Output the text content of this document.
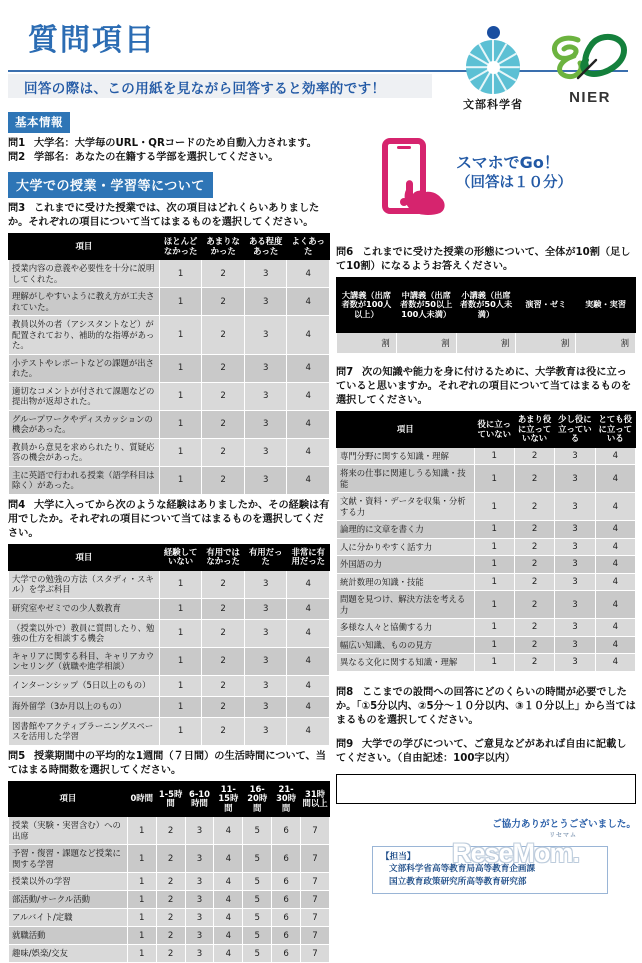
質問項目
回答の際は、この用紙を見ながら回答すると効率的です！
文部科学省	NIER
スマホでGo！
（回答は１０分）
基本情報
問1 大学名：大学毎のURL・QRコードのため自動入力されます。
問2 学部名：あなたの在籍する学部を選択してください。
大学での授業・学習等について
問3 これまでに受けた授業では、次の項目はどれくらいありましたか。それぞれの項目について当てはまるものを選択してください。
項目	ほとんどなかった	あまりなかった	ある程度あった	よくあった
授業内容の意義や必要性を十分に説明してくれた。	1	2	3	4
理解がしやすいように教え方が工夫されていた。	1	2	3	4
教員以外の者（アシスタントなど）が配置されており、補助的な指導があった。	1	2	3	4
小テストやレポートなどの課題が出された。	1	2	3	4
適切なコメントが付されて課題などの提出物が返却された。	1	2	3	4
グループワークやディスカッションの機会があった。	1	2	3	4
教員から意見を求められたり、質疑応答の機会があった。	1	2	3	4
主に英語で行われる授業（語学科目は除く）があった。	1	2	3	4
問4 大学に入ってから次のような経験はありましたか、その経験は有用でしたか。それぞれの項目について当てはまるものを選択してください。
項目	経験していない	有用ではなかった	有用だった	非常に有用だった
大学での勉強の方法（スタディ・スキル）を学ぶ科目	1	2	3	4
研究室やゼミでの少人数教育	1	2	3	4
（授業以外で）教員に質問したり、勉強の仕方を相談する機会	1	2	3	4
キャリアに関する科目、キャリアカウンセリング（就職や進学相談）	1	2	3	4
インターンシップ（5日以上のもの）	1	2	3	4
海外留学（3か月以上のもの）	1	2	3	4
図書館やアクティブラーニングスペースを活用した学習	1	2	3	4
問5 授業期間中の平均的な1週間（７日間）の生活時間について、当てはまる時間数を選択してください。
項目	0時間	1-5時間	6-10時間	11-15時間	16-20時間	21-30時間	31時間以上
授業（実験・実習含む）への出席	1	2	3	4	5	6	7
予習・復習・課題など授業に関する学習	1	2	3	4	5	6	7
授業以外の学習	1	2	3	4	5	6	7
部活動/サークル活動	1	2	3	4	5	6	7
アルバイト/定職	1	2	3	4	5	6	7
就職活動	1	2	3	4	5	6	7
趣味/娯楽/交友	1	2	3	4	5	6	7
問6 これまでに受けた授業の形態について、全体が10割（足して10割）になるようお答えください。
大講義（出席者数が100人以上）	中講義（出席者数が50以上100人未満）	小講義（出席者数が50人未満）	演習・ゼミ	実験・実習
割	割	割	割	割
問7 次の知識や能力を身に付けるために、大学教育は役に立っていると思いますか。それぞれの項目について当てはまるものを選択してください。
項目	役に立っていない	あまり役に立っていない	少し役に立っている	とても役に立っている
専門分野に関する知識・理解	1	2	3	4
将来の仕事に関連しうる知識・技能	1	2	3	4
文献・資料・データを収集・分析する力	1	2	3	4
論理的に文章を書く力	1	2	3	4
人に分かりやすく話す力	1	2	3	4
外国語の力	1	2	3	4
統計数理の知識・技能	1	2	3	4
問題を見つけ、解決方法を考える力	1	2	3	4
多様な人々と協働する力	1	2	3	4
幅広い知識、ものの見方	1	2	3	4
異なる文化に関する知識・理解	1	2	3	4
問8 ここまでの設問への回答にどのくらいの時間が必要でしたか。「①5分以内、②5分～１０分以内、③１０分以上」から当てはまるものを選択してください。
問9 大学での学びについて、ご意見などがあれば自由に記載してください。（自由記述：100字以内）
ご協力ありがとうございました。
【担当】
文部科学省高等教育局高等教育企画課
国立教育政策研究所高等教育研究部
ReseMom.
リセマム
